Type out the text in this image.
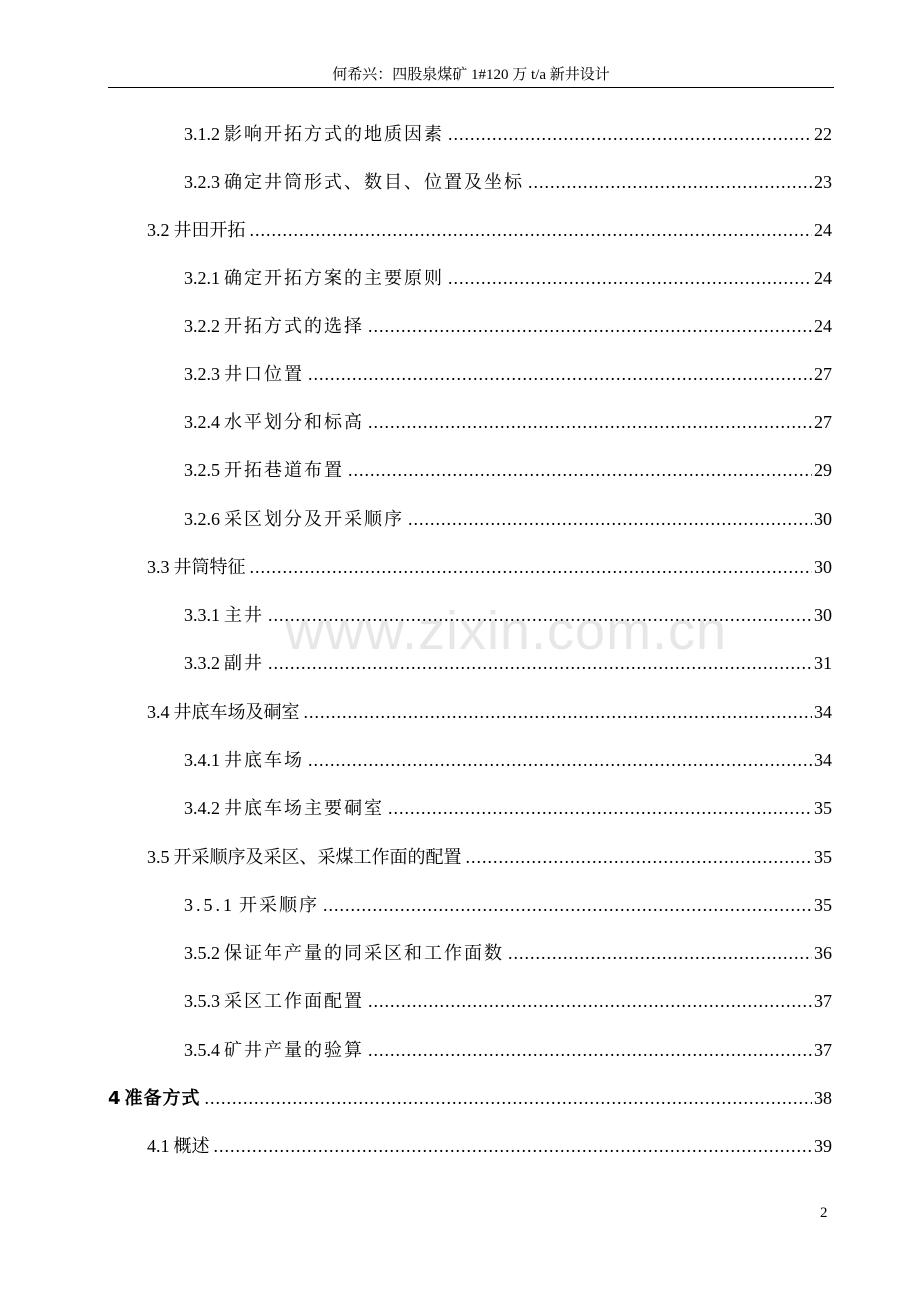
何希兴：四股泉煤矿 1#120 万 t/a 新井设计
3.1.2 影响开拓方式的地质因素 .....	22
3.2.3 确定井筒形式、数目、位置及坐标 .....	23
3.2 井田开拓 .....	24
3.2.1 确定开拓方案的主要原则 .....	24
3.2.2 开拓方式的选择 .....	24
3.2.3 井口位置 .....	27
3.2.4 水平划分和标高 .....	27
3.2.5 开拓巷道布置 .....	29
3.2.6 采区划分及开采顺序 .....	30
3.3 井筒特征 .....	30
3.3.1 主井 .....	30
3.3.2 副井 .....	31
3.4 井底车场及硐室 .....	34
3.4.1 井底车场 .....	34
3.4.2 井底车场主要硐室 .....	35
3.5 开采顺序及采区、采煤工作面的配置 .....	35
3.5.1 开采顺序 .....	35
3.5.2 保证年产量的同采区和工作面数 .....	36
3.5.3 采区工作面配置 .....	37
3.5.4 矿井产量的验算 .....	37
4 准备方式 .....	38
4.1 概述 .....	39
www.zixin.com.cn
2
